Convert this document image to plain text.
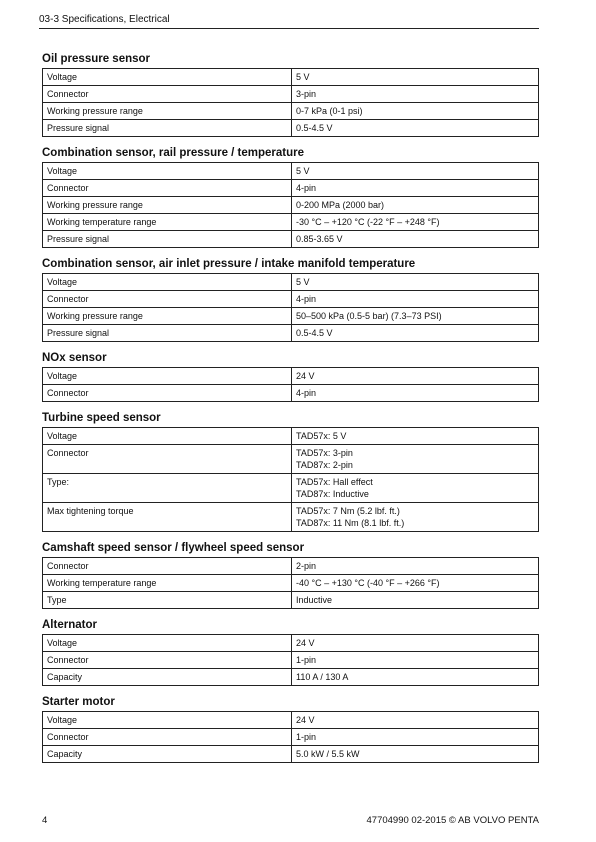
03-3 Specifications, Electrical
Oil pressure sensor
Voltage	5 V

Connector	3-pin

Working pressure range	0-7 kPa (0-1 psi)

Pressure signal	0.5-4.5 V
Combination sensor, rail pressure / temperature
Voltage	5 V

Connector	4-pin

Working pressure range	0-200 MPa (2000 bar)

Working temperature range	-30 °C – +120 °C (-22 °F – +248 °F)

Pressure signal	0.85-3.65 V
Combination sensor, air inlet pressure / intake manifold temperature
Voltage	5 V

Connector	4-pin

Working pressure range	50–500 kPa (0.5-5 bar) (7.3–73 PSI)

Pressure signal	0.5-4.5 V
NOx sensor
Voltage	24 V

Connector	4-pin
Turbine speed sensor
Voltage	TAD57x: 5 V

Connector	TAD57x: 3-pin
TAD87x: 2-pin

Type:	TAD57x: Hall effect
TAD87x: Inductive

Max tightening torque	TAD57x: 7 Nm (5.2 lbf. ft.)
TAD87x: 11 Nm (8.1 lbf. ft.)
Camshaft speed sensor / flywheel speed sensor
Connector	2-pin

Working temperature range	-40 °C – +130 °C (-40 °F – +266 °F)

Type	Inductive
Alternator
Voltage	24 V

Connector	1-pin

Capacity	110 A / 130 A
Starter motor
Voltage	24 V

Connector	1-pin

Capacity	5.0 kW / 5.5 kW
4	47704990 02-2015 © AB VOLVO PENTA
